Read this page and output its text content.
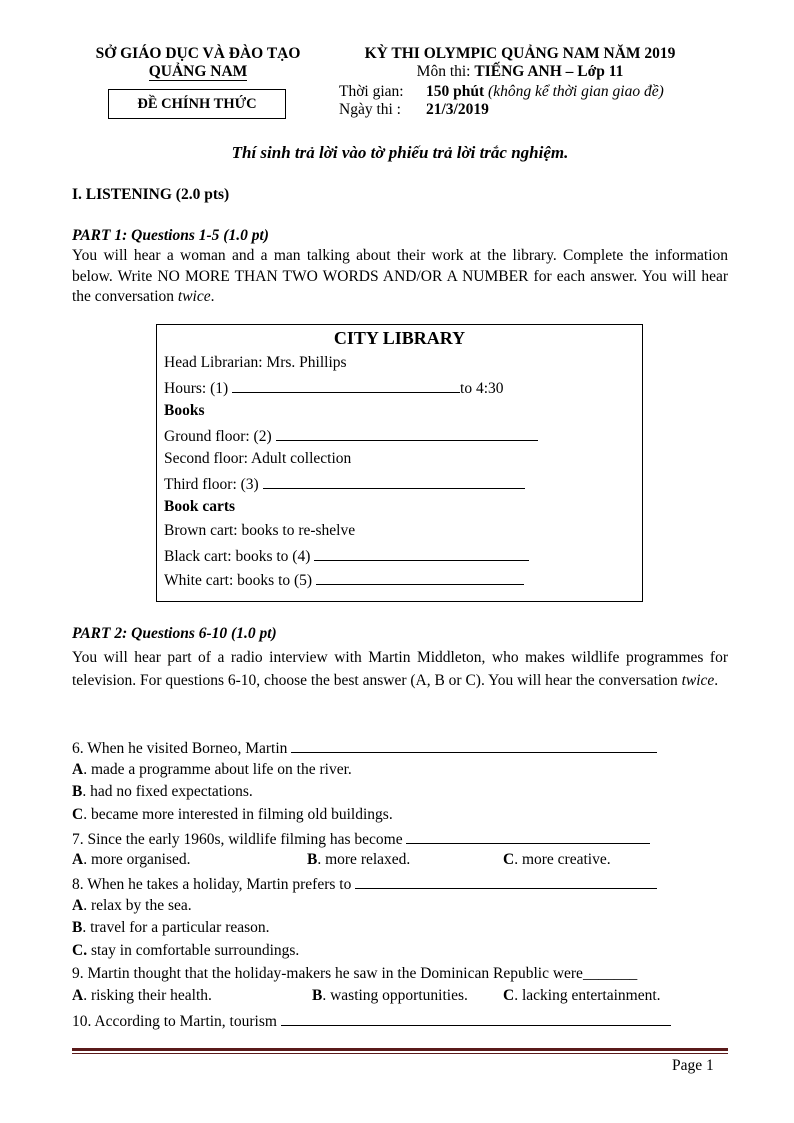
SỞ GIÁO DỤC VÀ ĐÀO TẠO
QUẢNG NAM
ĐỀ CHÍNH THỨC
KỲ THI OLYMPIC QUẢNG NAM NĂM 2019
Môn thi: TIẾNG ANH – Lớp 11
Thời gian: 150 phút (không kể thời gian giao đề)
Ngày thi : 21/3/2019
Thí sinh trả lời vào tờ phiếu trả lời trắc nghiệm.
I. LISTENING (2.0 pts)
PART 1: Questions 1-5 (1.0 pt)
You will hear a woman and a man talking about their work at the library. Complete the information below. Write NO MORE THAN TWO WORDS AND/OR A NUMBER for each answer. You will hear the conversation twice.
CITY LIBRARY
Head Librarian: Mrs. Phillips
Hours: (1)	to 4:30
Books
Ground floor: (2)
Second floor: Adult collection
Third floor: (3)
Book carts
Brown cart: books to re-shelve
Black cart: books to (4)
White cart: books to (5)
PART 2: Questions 6-10 (1.0 pt)
You will hear part of a radio interview with Martin Middleton, who makes wildlife programmes for television. For questions 6-10, choose the best answer (A, B or C). You will hear the conversation twice.
6. When he visited Borneo, Martin
A. made a programme about life on the river.
B. had no fixed expectations.
C. became more interested in filming old buildings.
7. Since the early 1960s, wildlife filming has become
A. more organised.	B. more relaxed.	C. more creative.
8. When he takes a holiday, Martin prefers to
A. relax by the sea.
B. travel for a particular reason.
C. stay in comfortable surroundings.
9. Martin thought that the holiday-makers he saw in the Dominican Republic were_______
A. risking their health.	B. wasting opportunities. C. lacking entertainment.
10. According to Martin, tourism
Page 1
